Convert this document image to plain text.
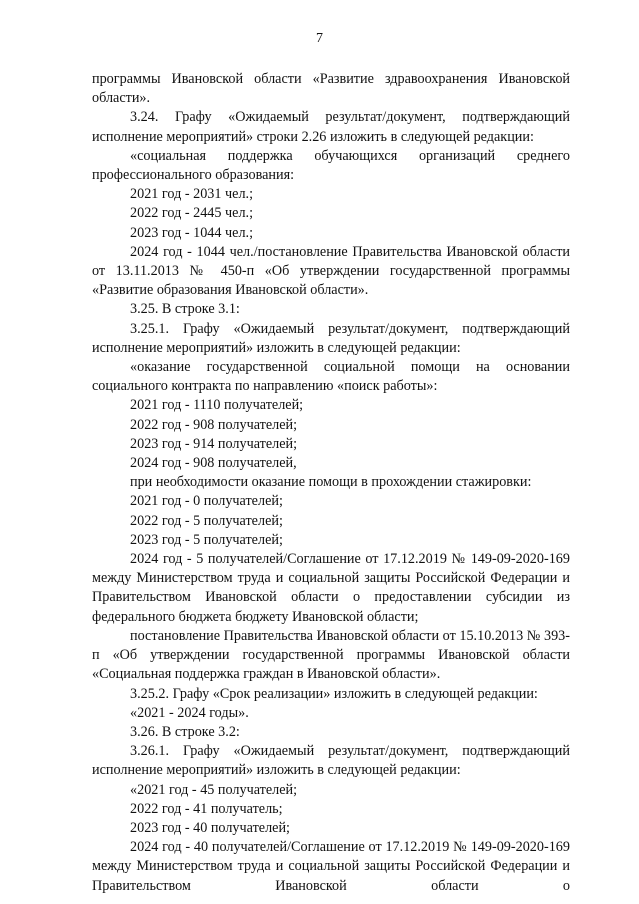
7

программы Ивановской области «Развитие здравоохранения Ивановской области».

3.24. Графу «Ожидаемый результат/документ, подтверждающий исполнение мероприятий» строки 2.26 изложить в следующей редакции:

«социальная поддержка обучающихся организаций среднего профессионального образования:

2021 год - 2031 чел.;

2022 год - 2445 чел.;

2023 год - 1044 чел.;

2024 год - 1044 чел./постановление Правительства Ивановской области от 13.11.2013 № 450-п «Об утверждении государственной программы «Развитие образования Ивановской области».

3.25. В строке 3.1:

3.25.1. Графу «Ожидаемый результат/документ, подтверждающий исполнение мероприятий» изложить в следующей редакции:

«оказание государственной социальной помощи на основании социального контракта по направлению «поиск работы»:

2021 год - 1110 получателей;

2022 год - 908 получателей;

2023 год - 914 получателей;

2024 год - 908 получателей,

при необходимости оказание помощи в прохождении стажировки:

2021 год - 0 получателей;

2022 год - 5 получателей;

2023 год - 5 получателей;

2024 год - 5 получателей/Соглашение от 17.12.2019 № 149-09-2020-169 между Министерством труда и социальной защиты Российской Федерации и Правительством Ивановской области о предоставлении субсидии из федерального бюджета бюджету Ивановской области;

постановление Правительства Ивановской области от 15.10.2013 № 393-п «Об утверждении государственной программы Ивановской области «Социальная поддержка граждан в Ивановской области».

3.25.2. Графу «Срок реализации» изложить в следующей редакции:

«2021 - 2024 годы».

3.26. В строке 3.2:

3.26.1. Графу «Ожидаемый результат/документ, подтверждающий исполнение мероприятий» изложить в следующей редакции:

«2021 год - 45 получателей;

2022 год - 41 получатель;

2023 год - 40 получателей;

2024 год - 40 получателей/Соглашение от 17.12.2019 № 149-09-2020-169 между Министерством труда и социальной защиты Российской Федерации и Правительством Ивановской области о
